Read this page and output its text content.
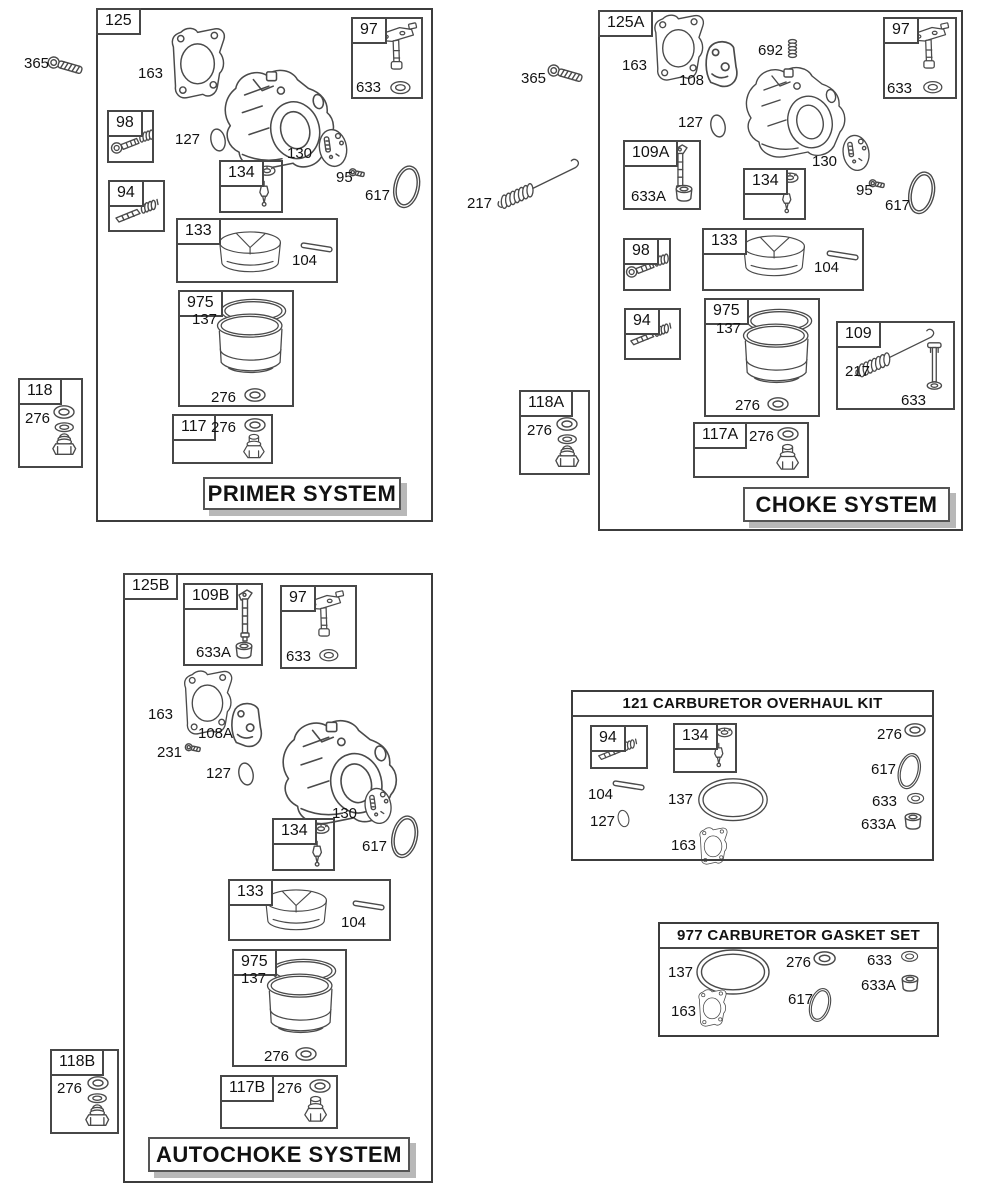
125
365
163
127
130
95
617
97
633
98
94
134
133
104
975
137
276
117 276
118
276
PRIMER SYSTEM
125A
365
217
163
108
692
127
130
95
617
97
633
109A
633A
134
98
133
104
94
975
137
276
109
217
633
117A 276
118A
276
CHOKE SYSTEM
125B
163
108A
231
127
130
617
109B
633A
97
633
134
133
104
975
137
276
117B 276
118B
276
AUTOCHOKE SYSTEM
121 CARBURETOR OVERHAUL KIT
94	134
104
127
137
163
276
617
633
633A
977 CARBURETOR GASKET SET
137
163
276
617
633
633A
